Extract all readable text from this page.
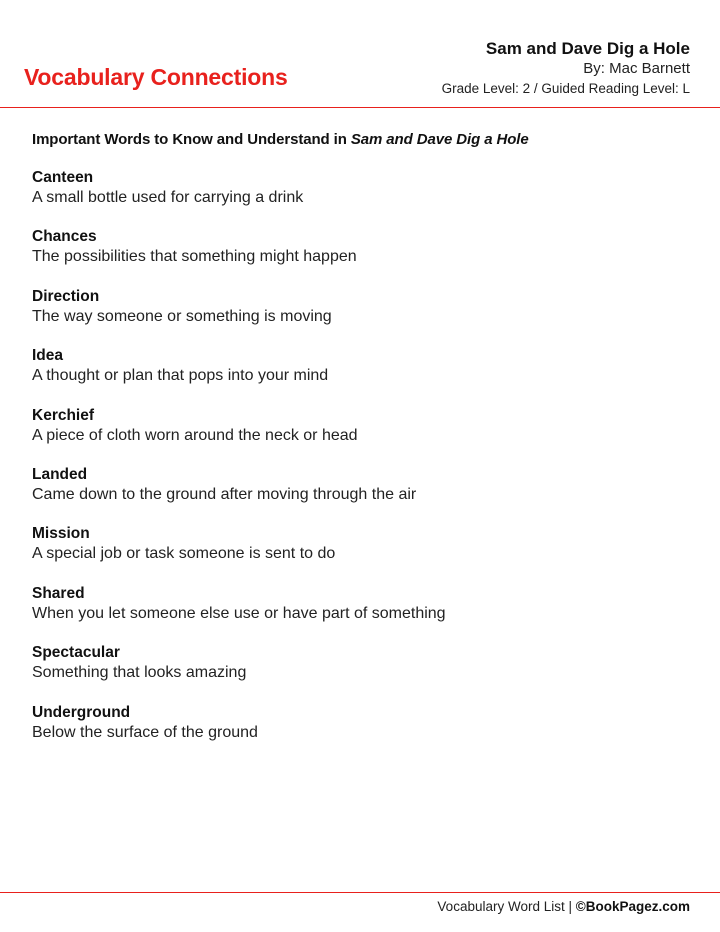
Vocabulary Connections
Sam and Dave Dig a Hole
By: Mac Barnett
Grade Level: 2 / Guided Reading Level: L

Important Words to Know and Understand in Sam and Dave Dig a Hole

Canteen
A small bottle used for carrying a drink
Chances
The possibilities that something might happen
Direction
The way someone or something is moving
Idea
A thought or plan that pops into your mind
Kerchief
A piece of cloth worn around the neck or head
Landed
Came down to the ground after moving through the air
Mission
A special job or task someone is sent to do
Shared
When you let someone else use or have part of something
Spectacular
Something that looks amazing
Underground
Below the surface of the ground
Vocabulary Word List | ©BookPagez.com
